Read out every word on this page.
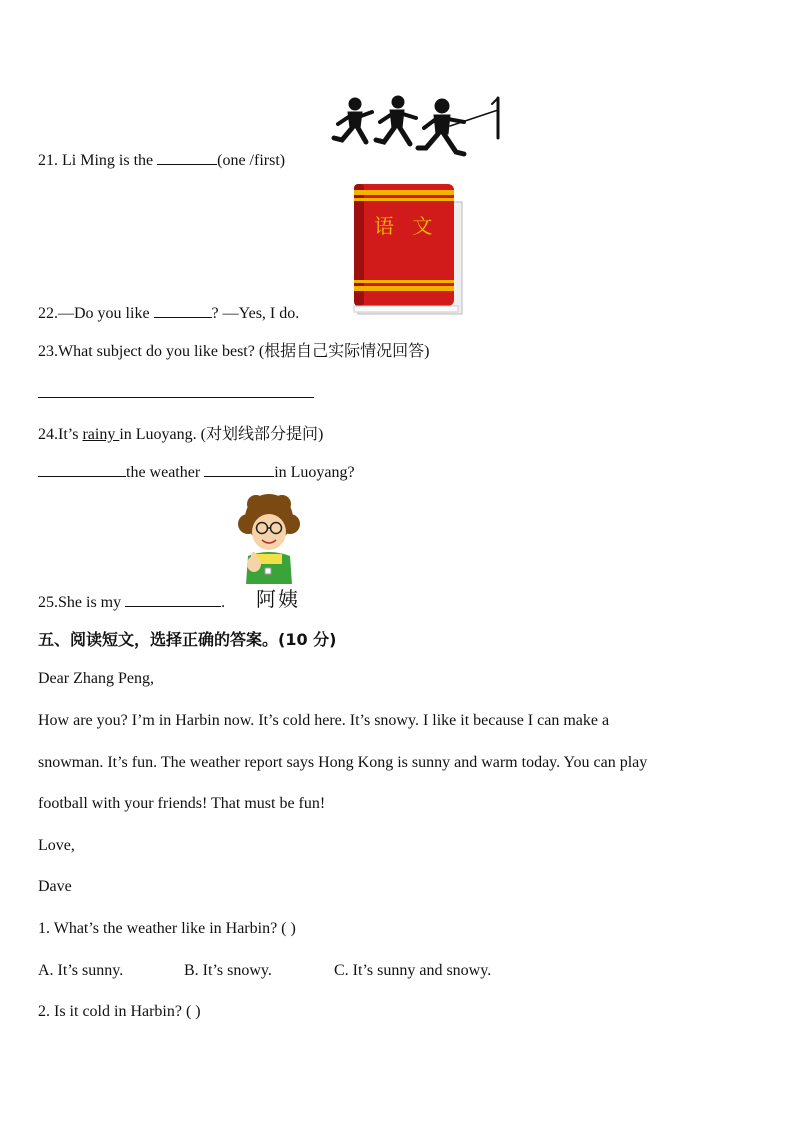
21. Li Ming is the	(one /first)
语 文
22.—Do you like	? —Yes, I do.
23.What subject do you like best? (根据自己实际情况回答)
24.It’s rainy in Luoyang. (对划线部分提问)
the weather	in Luoyang?
阿姨
25.She is my	.
五、阅读短文，选择正确的答案。(10 分)
Dear Zhang Peng,
How are you? I’m in Harbin now. It’s cold here. It’s snowy. I like it because I can make a
snowman. It’s fun. The weather report says Hong Kong is sunny and warm today. You can play
football with your friends! That must be fun!
Love,
Dave
1. What’s the weather like in Harbin? ( )
A. It’s sunny.	B. It’s snowy.	C. It’s sunny and snowy.
2. Is it cold in Harbin? ( )
